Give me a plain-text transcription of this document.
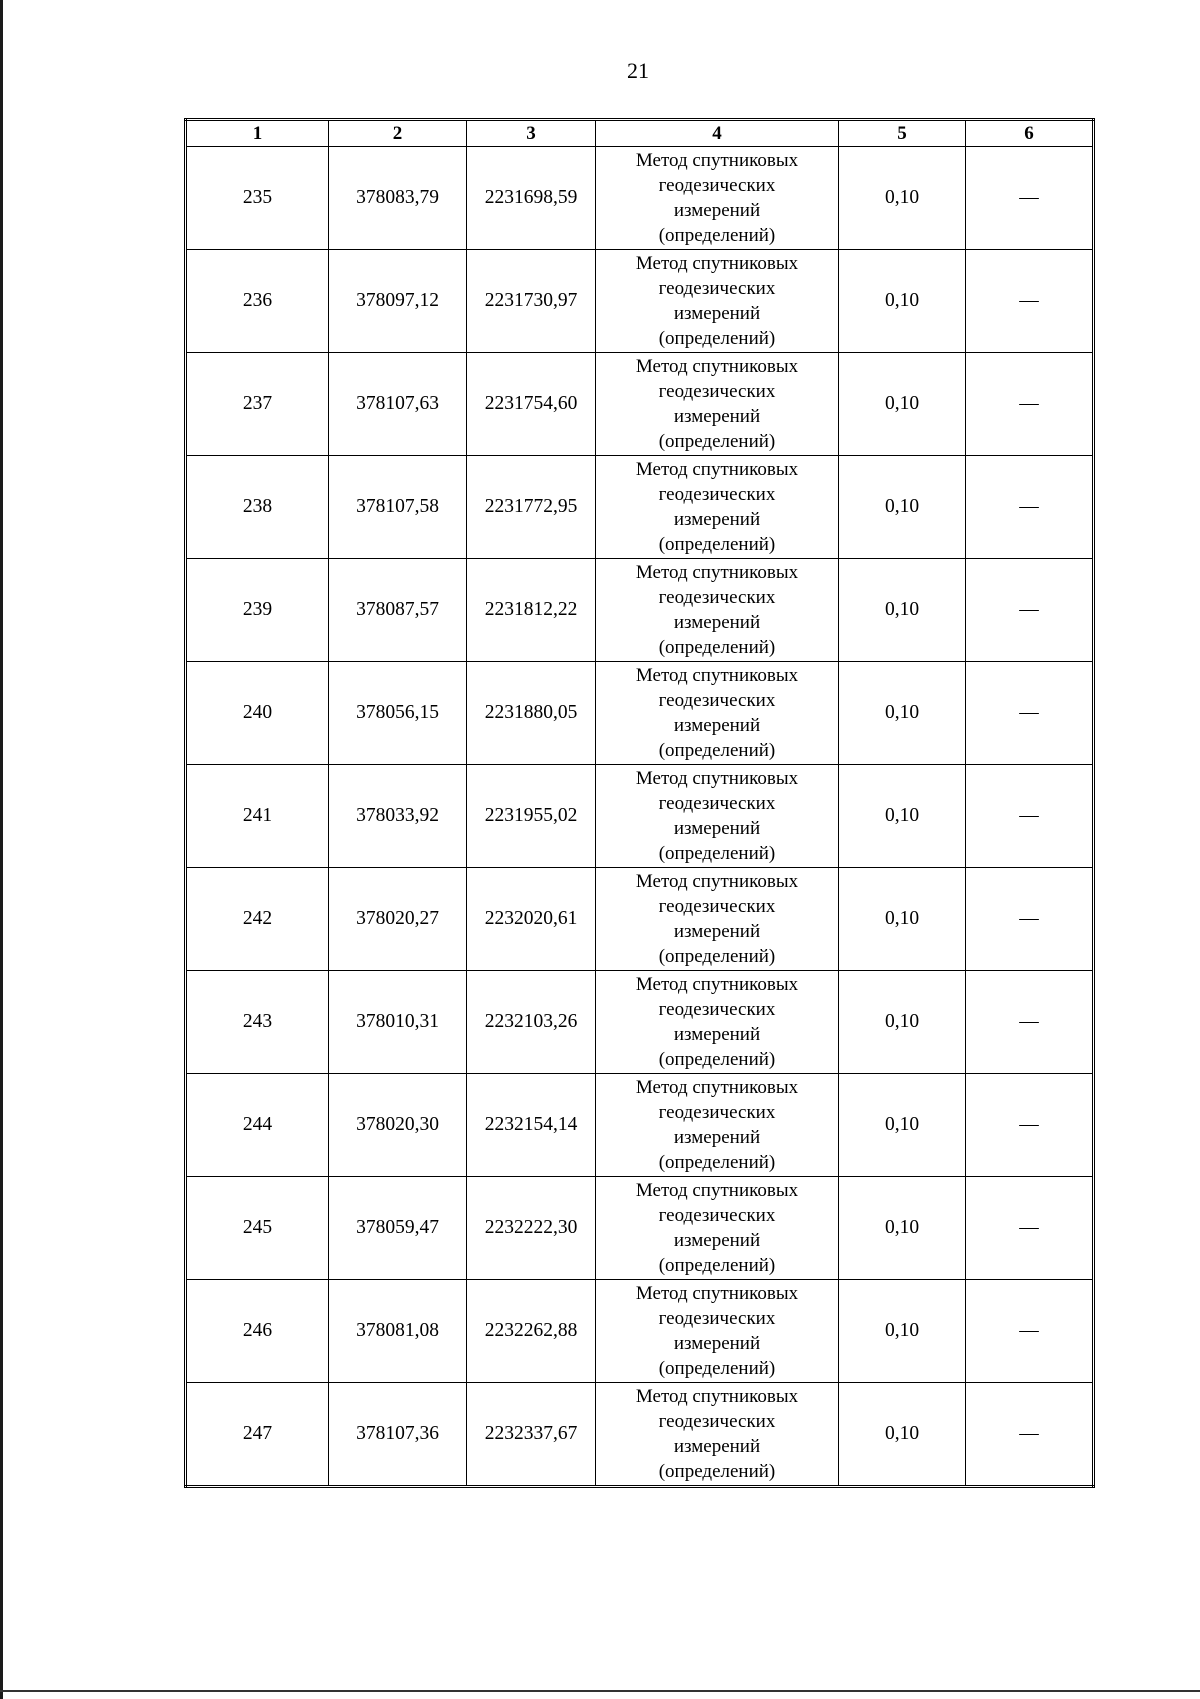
21
1	2	3	4	5	6
235	378083,79	2231698,59	Метод спутниковых
геодезических
измерений
(определений)	0,10	—
236	378097,12	2231730,97	Метод спутниковых
геодезических
измерений
(определений)	0,10	—
237	378107,63	2231754,60	Метод спутниковых
геодезических
измерений
(определений)	0,10	—
238	378107,58	2231772,95	Метод спутниковых
геодезических
измерений
(определений)	0,10	—
239	378087,57	2231812,22	Метод спутниковых
геодезических
измерений
(определений)	0,10	—
240	378056,15	2231880,05	Метод спутниковых
геодезических
измерений
(определений)	0,10	—
241	378033,92	2231955,02	Метод спутниковых
геодезических
измерений
(определений)	0,10	—
242	378020,27	2232020,61	Метод спутниковых
геодезических
измерений
(определений)	0,10	—
243	378010,31	2232103,26	Метод спутниковых
геодезических
измерений
(определений)	0,10	—
244	378020,30	2232154,14	Метод спутниковых
геодезических
измерений
(определений)	0,10	—
245	378059,47	2232222,30	Метод спутниковых
геодезических
измерений
(определений)	0,10	—
246	378081,08	2232262,88	Метод спутниковых
геодезических
измерений
(определений)	0,10	—
247	378107,36	2232337,67	Метод спутниковых
геодезических
измерений
(определений)	0,10	—
